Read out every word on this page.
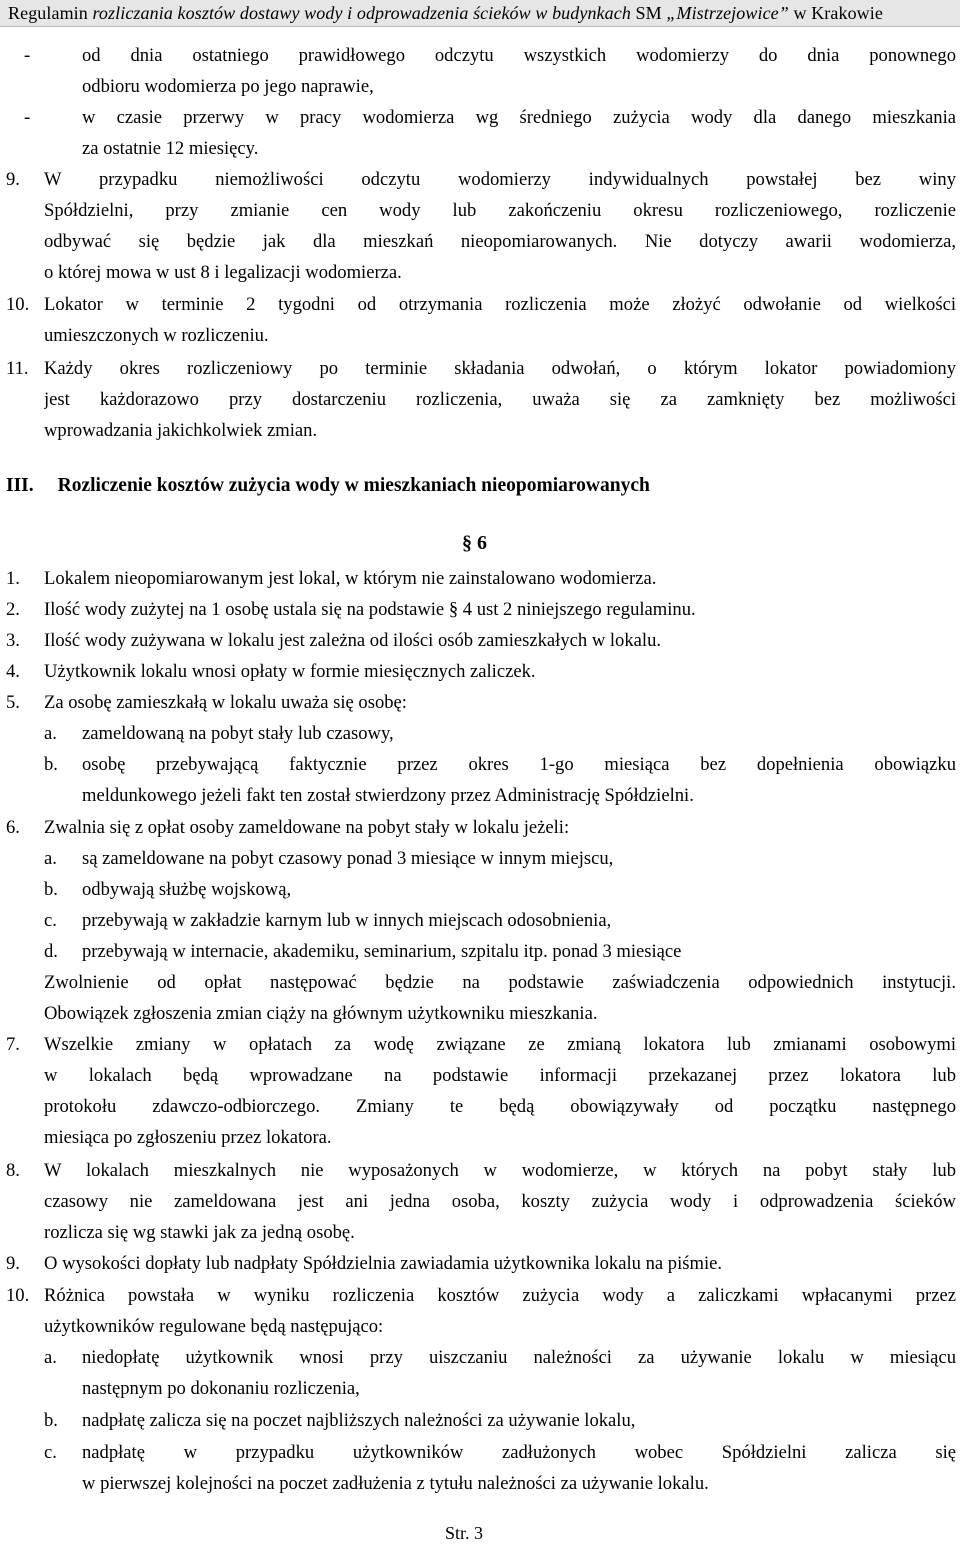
Regulamin rozliczania kosztów dostawy wody i odprowadzenia ścieków w budynkach SM „Mistrzejowice” w Krakowie
-	od dnia ostatniego prawidłowego odczytu wszystkich wodomierzy do dnia ponownego
odbioru wodomierza po jego naprawie,
-	w czasie przerwy w pracy wodomierza wg średniego zużycia wody dla danego mieszkania
za ostatnie 12 miesięcy.
9. W przypadku niemożliwości odczytu wodomierzy indywidualnych powstałej bez winy
Spółdzielni, przy zmianie cen wody lub zakończeniu okresu rozliczeniowego, rozliczenie
odbywać się będzie jak dla mieszkań nieopomiarowanych. Nie dotyczy awarii wodomierza,
o której mowa w ust 8 i legalizacji wodomierza.
10. Lokator w terminie 2 tygodni od otrzymania rozliczenia może złożyć odwołanie od wielkości
umieszczonych w rozliczeniu.
11. Każdy okres rozliczeniowy po terminie składania odwołań, o którym lokator powiadomiony
jest każdorazowo przy dostarczeniu rozliczenia, uważa się za zamknięty bez możliwości
wprowadzania jakichkolwiek zmian.
1. Lokalem nieopomiarowanym jest lokal, w którym nie zainstalowano wodomierza.
2. Ilość wody zużytej na 1 osobę ustala się na podstawie § 4 ust 2 niniejszego regulaminu.
3. Ilość wody zużywana w lokalu jest zależna od ilości osób zamieszkałych w lokalu.
4. Użytkownik lokalu wnosi opłaty w formie miesięcznych zaliczek.
5. Za osobę zamieszkałą w lokalu uważa się osobę:
a. zameldowaną na pobyt stały lub czasowy,
b. osobę przebywającą faktycznie przez okres 1-go miesiąca bez dopełnienia obowiązku
meldunkowego jeżeli fakt ten został stwierdzony przez Administrację Spółdzielni.
6. Zwalnia się z opłat osoby zameldowane na pobyt stały w lokalu jeżeli:
a. są zameldowane na pobyt czasowy ponad 3 miesiące w innym miejscu,
b. odbywają służbę wojskową,
c. przebywają w zakładzie karnym lub w innych miejscach odosobnienia,
d. przebywają w internacie, akademiku, seminarium, szpitalu itp. ponad 3 miesiące
Zwolnienie od opłat następować będzie na podstawie zaświadczenia odpowiednich instytucji.
Obowiązek zgłoszenia zmian ciąży na głównym użytkowniku mieszkania.
7. Wszelkie zmiany w opłatach za wodę związane ze zmianą lokatora lub zmianami osobowymi
w lokalach będą wprowadzane na podstawie informacji przekazanej przez lokatora lub
protokołu zdawczo-odbiorczego. Zmiany te będą obowiązywały od początku następnego
miesiąca po zgłoszeniu przez lokatora.
8. W lokalach mieszkalnych nie wyposażonych w wodomierze, w których na pobyt stały lub
czasowy nie zameldowana jest ani jedna osoba, koszty zużycia wody i odprowadzenia ścieków
rozlicza się wg stawki jak za jedną osobę.
9. O wysokości dopłaty lub nadpłaty Spółdzielnia zawiadamia użytkownika lokalu na piśmie.
10. Różnica powstała w wyniku rozliczenia kosztów zużycia wody a zaliczkami wpłacanymi przez
użytkowników regulowane będą następująco:
a. niedopłatę użytkownik wnosi przy uiszczaniu należności za używanie lokalu w miesiącu
następnym po dokonaniu rozliczenia,
b. nadpłatę zalicza się na poczet najbliższych należności za używanie lokalu,
c. nadpłatę w przypadku użytkowników zadłużonych wobec Spółdzielni zalicza się
w pierwszej kolejności na poczet zadłużenia z tytułu należności za używanie lokalu.
III. Rozliczenie kosztów zużycia wody w mieszkaniach nieopomiarowanych
§ 6
Str. 3
